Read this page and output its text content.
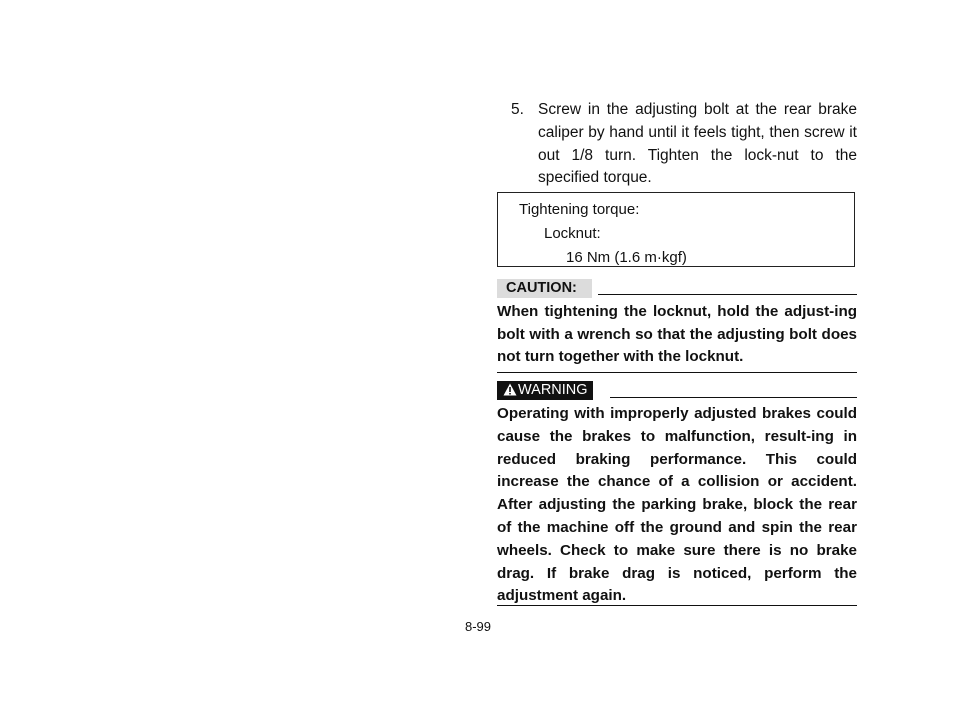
5. Screw in the adjusting bolt at the rear brake caliper by hand until it feels tight, then screw it out 1/8 turn. Tighten the lock-nut to the specified torque.
Tightening torque:
Locknut:
16 Nm (1.6 m·kgf)
CAUTION:
When tightening the locknut, hold the adjust-ing bolt with a wrench so that the adjusting bolt does not turn together with the locknut.
WARNING
Operating with improperly adjusted brakes could cause the brakes to malfunction, result-ing in reduced braking performance. This could increase the chance of a collision or accident. After adjusting the parking brake, block the rear of the machine off the ground and spin the rear wheels. Check to make sure there is no brake drag. If brake drag is noticed, perform the adjustment again.
8-99
